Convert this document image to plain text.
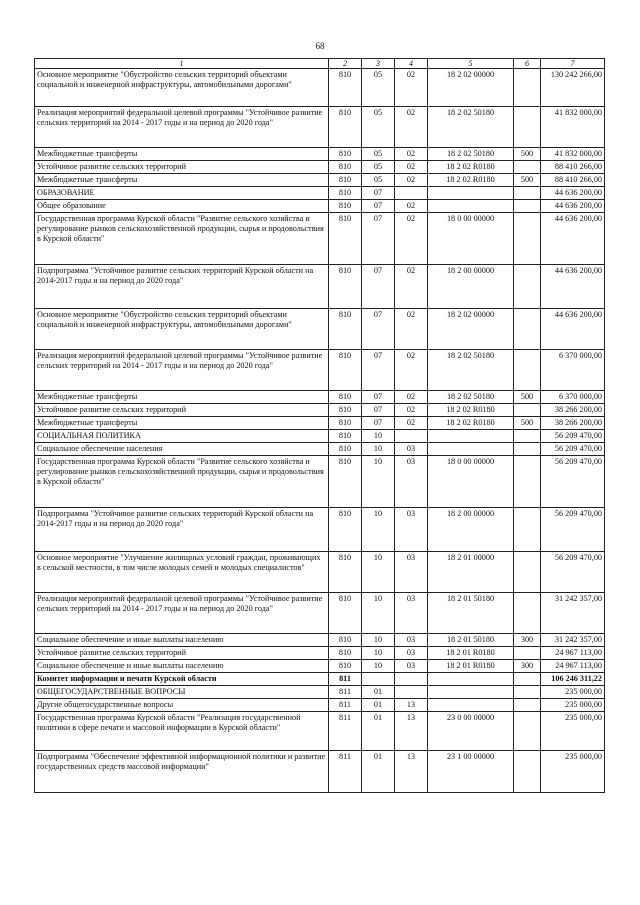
68
1	2	3	4	5	6	7
Основное мероприятие "Обустройство сельских территорий объектами социальной и инженерной инфраструктуры, автомобильными дорогами"	810	05	02	18 2 02 00000		130 242 266,00
Реализация мероприятий федеральной целевой программы "Устойчивое развитие сельских территорий на 2014 - 2017 годы и на период до 2020 года"	810	05	02	18 2 02 50180		41 832 000,00
Межбюджетные трансферты	810	05	02	18 2 02 50180	500	41 832 000,00
Устойчивое развитие сельских территорий	810	05	02	18 2 02 R0180		88 410 266,00
Межбюджетные трансферты	810	05	02	18 2 02 R0180	500	88 410 266,00
ОБРАЗОВАНИЕ	810	07				44 636 200,00
Общее образование	810	07	02			44 636 200,00
Государственная программа Курской области "Развитие сельского хозяйства и регулирование рынков сельскохозяйственной продукции, сырья и продовольствия в Курской области"	810	07	02	18 0 00 00000		44 636 200,00
Подпрограмма "Устойчивое развитие сельских территорий Курской области на 2014-2017 годы и на период до 2020 года"	810	07	02	18 2 00 00000		44 636 200,00
Основное мероприятие "Обустройство сельских территорий объектами социальной и инженерной инфраструктуры, автомобильными дорогами"	810	07	02	18 2 02 00000		44 636 200,00
Реализация мероприятий федеральной целевой программы "Устойчивое развитие сельских территорий на 2014 - 2017 годы и на период до 2020 года"	810	07	02	18 2 02 50180		6 370 000,00
Межбюджетные трансферты	810	07	02	18 2 02 50180	500	6 370 000,00
Устойчивое развитие сельских территорий	810	07	02	18 2 02 R0180		38 266 200,00
Межбюджетные трансферты	810	07	02	18 2 02 R0180	500	38 266 200,00
СОЦИАЛЬНАЯ ПОЛИТИКА	810	10				56 209 470,00
Социальное обеспечение населения	810	10	03			56 209 470,00
Государственная программа Курской области "Развитие сельского хозяйства и регулирование рынков сельскохозяйственной продукции, сырья и продовольствия в Курской области"	810	10	03	18 0 00 00000		56 209 470,00
Подпрограмма "Устойчивое развитие сельских территорий Курской области на 2014-2017 годы и на период до 2020 года"	810	10	03	18 2 00 00000		56 209 470,00
Основное мероприятие "Улучшение жилищных условий граждан, проживающих в сельской местности, в том числе молодых семей и молодых специалистов"	810	10	03	18 2 01 00000		56 209 470,00
Реализация мероприятий федеральной целевой программы "Устойчивое развитие сельских территорий на 2014 - 2017 годы и на период до 2020 года"	810	10	03	18 2 01 50180		31 242 357,00
Социальное обеспечение и иные выплаты населению	810	10	03	18 2 01 50180	300	31 242 357,00
Устойчивое развитие сельских территорий	810	10	03	18 2 01 R0180		24 967 113,00
Социальное обеспечение и иные выплаты населению	810	10	03	18 2 01 R0180	300	24 967 113,00
Комитет информации и печати Курской области	811					106 246 311,22
ОБЩЕГОСУДАРСТВЕННЫЕ ВОПРОСЫ	811	01				235 000,00
Другие общегосударственные вопросы	811	01	13			235 000,00
Государственная программа Курской области "Реализация государственной политики в сфере печати и массовой информации в Курской области"	811	01	13	23 0 00 00000		235 000,00
Подпрограмма "Обеспечение эффективной информационной политики и развитие государственных средств массовой информации"	811	01	13	23 1 00 00000		235 000,00
